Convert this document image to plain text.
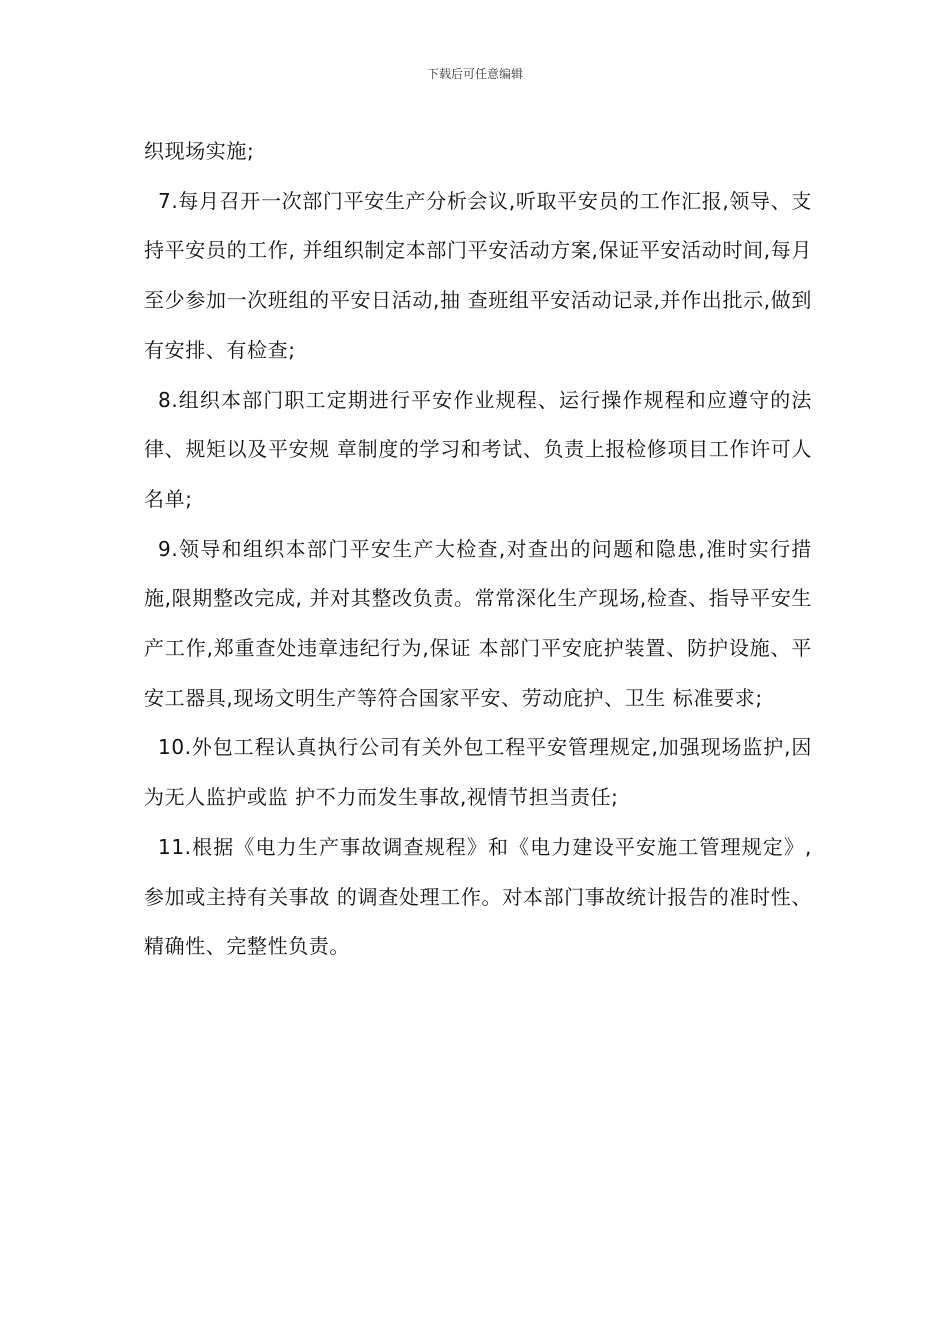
下载后可任意编辑

织现场实施;

7.每月召开一次部门平安生产分析会议,听取平安员的工作汇报,领导、支持平安员的工作, 并组织制定本部门平安活动方案,保证平安活动时间,每月至少参加一次班组的平安日活动,抽 查班组平安活动记录,并作出批示,做到有安排、有检查;

8.组织本部门职工定期进行平安作业规程、运行操作规程和应遵守的法律、规矩以及平安规 章制度的学习和考试、负责上报检修项目工作许可人名单;

9.领导和组织本部门平安生产大检查,对查出的问题和隐患,准时实行措施,限期整改完成, 并对其整改负责。常常深化生产现场,检查、指导平安生产工作,郑重查处违章违纪行为,保证 本部门平安庇护装置、防护设施、平安工器具,现场文明生产等符合国家平安、劳动庇护、卫生 标准要求;

10.外包工程认真执行公司有关外包工程平安管理规定,加强现场监护,因为无人监护或监 护不力而发生事故,视情节担当责任;

11.根据《电力生产事故调查规程》和《电力建设平安施工管理规定》,参加或主持有关事故 的调查处理工作。对本部门事故统计报告的准时性、精确性、完整性负责。
